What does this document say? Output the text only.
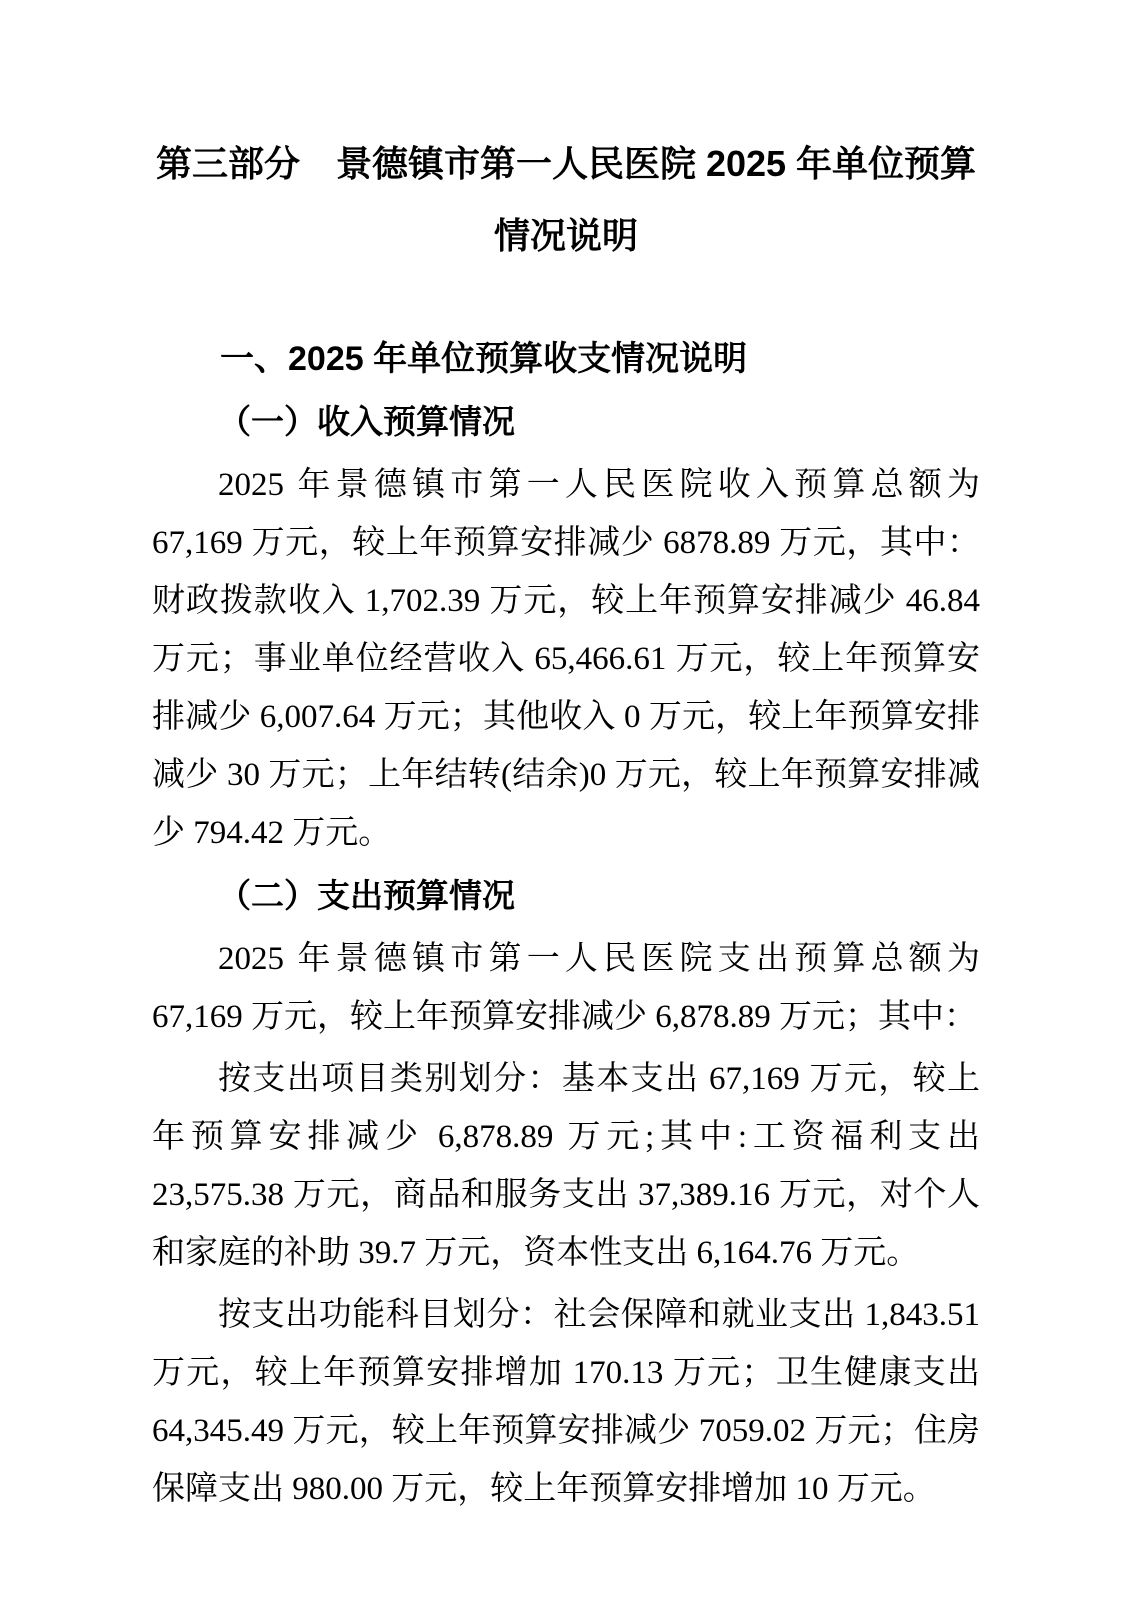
第三部分　景德镇市第一人民医院 2025 年单位预算情况说明
一、2025 年单位预算收支情况说明
（一）收入预算情况

2025 年景德镇市第一人民医院收入预算总额为 67,169 万元，较上年预算安排减少 6878.89 万元，其中：财政拨款收入 1,702.39 万元，较上年预算安排减少 46.84 万元；事业单位经营收入 65,466.61 万元，较上年预算安排减少 6,007.64 万元；其他收入 0 万元，较上年预算安排减少 30 万元；上年结转(结余)0 万元，较上年预算安排减少 794.42 万元。

（二）支出预算情况

2025 年景德镇市第一人民医院支出预算总额为 67,169 万元，较上年预算安排减少 6,878.89 万元；其中：

按支出项目类别划分：基本支出 67,169 万元，较上年预算安排减少 6,878.89 万元;其中:工资福利支出 23,575.38 万元，商品和服务支出 37,389.16 万元，对个人和家庭的补助 39.7 万元，资本性支出 6,164.76 万元。

按支出功能科目划分：社会保障和就业支出 1,843.51 万元，较上年预算安排增加 170.13 万元；卫生健康支出 64,345.49 万元，较上年预算安排减少 7059.02 万元；住房保障支出 980.00 万元，较上年预算安排增加 10 万元。
